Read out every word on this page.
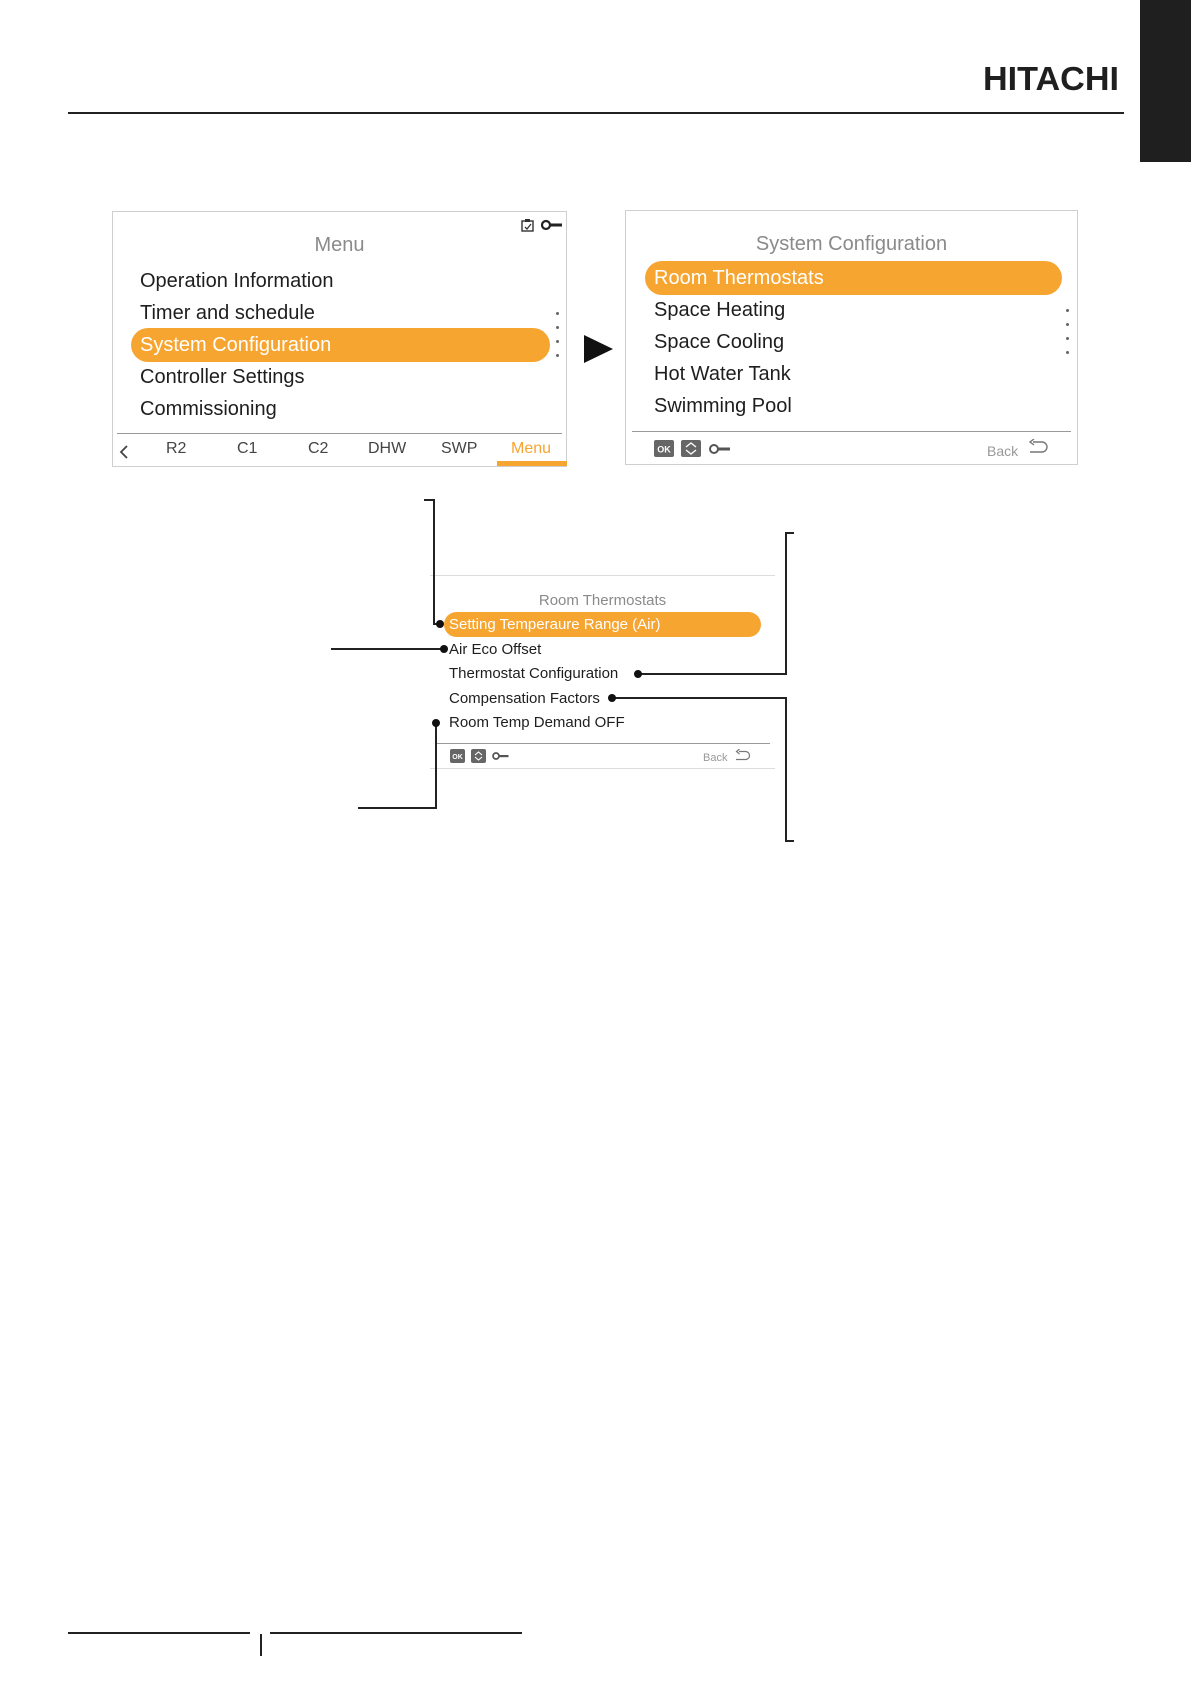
HITACHI
Menu
Operation Information
Timer and schedule
System Configuration
Controller Settings
Commissioning
R2	C1	C2 DHW SWP Menu
System Configuration
Room Thermostats
Space Heating
Space Cooling
Hot Water Tank
Swimming Pool
OK	Back
Room Thermostats
Setting Temperaure Range (Air)
Air Eco Offset
Thermostat Configuration
Compensation Factors
Room Temp Demand OFF
OK	Back
